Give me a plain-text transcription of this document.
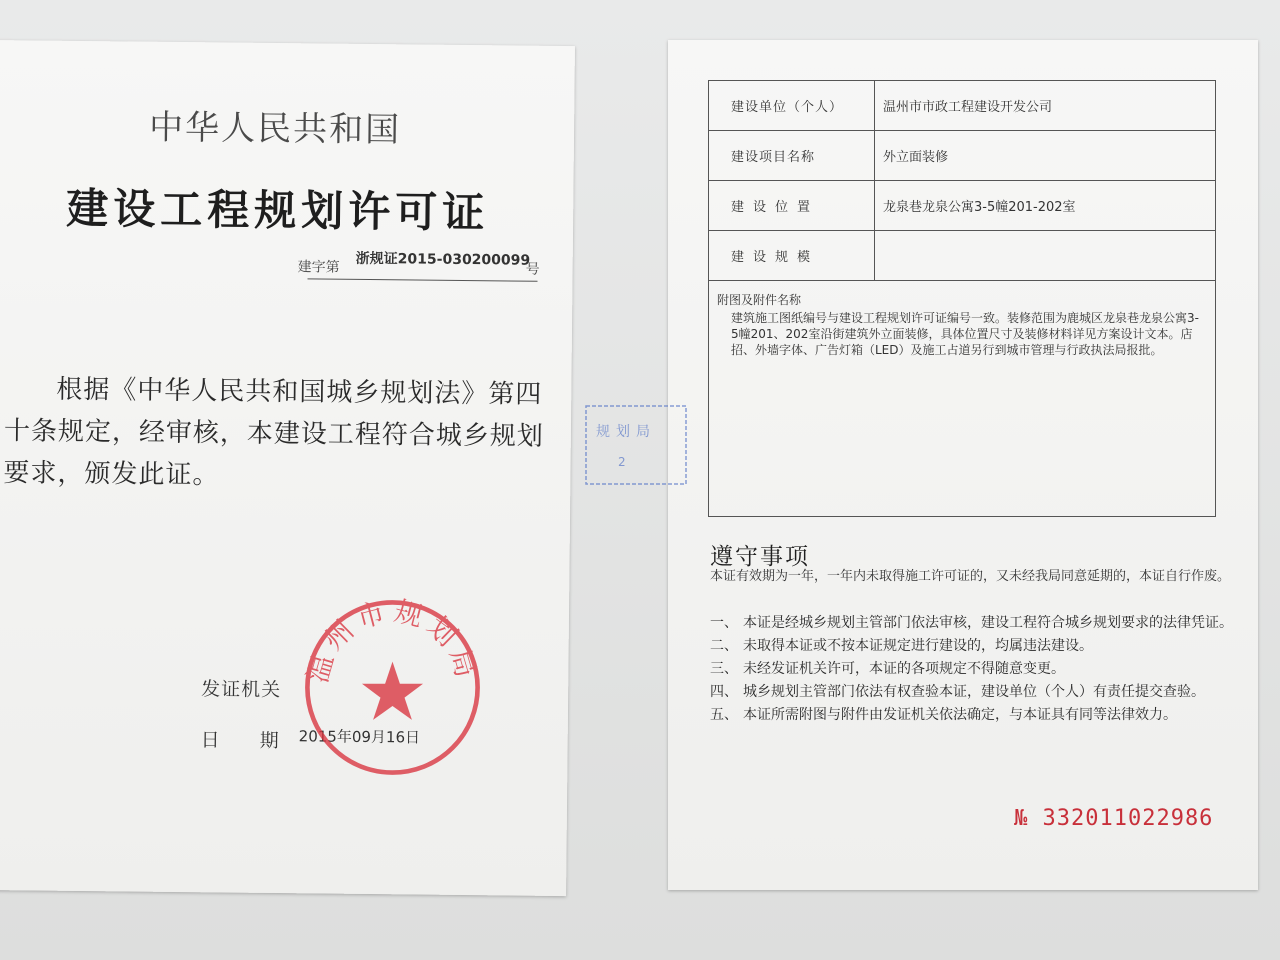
中华人民共和国
建设工程规划许可证
建字第 浙规证2015-030200099
号

根据《中华人民共和国城乡规划法》第四十条规定，经审核，本建设工程符合城乡规划要求，颁发此证。

发证机关
日期
2015年09月16日
建设单位（个人）	温州市市政工程建设开发公司
建设项目名称	外立面装修
建设位置	龙泉巷龙泉公寓3-5幢201-202室
建设规模	

附图及附件名称
建筑施工图纸编号与建设工程规划许可证编号一致。装修范围为鹿城区龙泉巷龙泉公寓3-5幢201、202室沿街建筑外立面装修，具体位置尺寸及装修材料详见方案设计文本。店招、外墙字体、广告灯箱（LED）及施工占道另行到城市管理与行政执法局报批。	
遵守事项
本证有效期为一年，一年内未取得施工许可证的，又未经我局同意延期的，本证自行作废。
一、 本证是经城乡规划主管部门依法审核，建设工程符合城乡规划要求的法律凭证。
二、 未取得本证或不按本证规定进行建设的，均属违法建设。
三、 未经发证机关许可，本证的各项规定不得随意变更。
四、 城乡规划主管部门依法有权查验本证，建设单位（个人）有责任提交查验。
五、 本证所需附图与附件由发证机关依法确定，与本证具有同等法律效力。
№ 332011022986
温州市规划局
规划局
2
